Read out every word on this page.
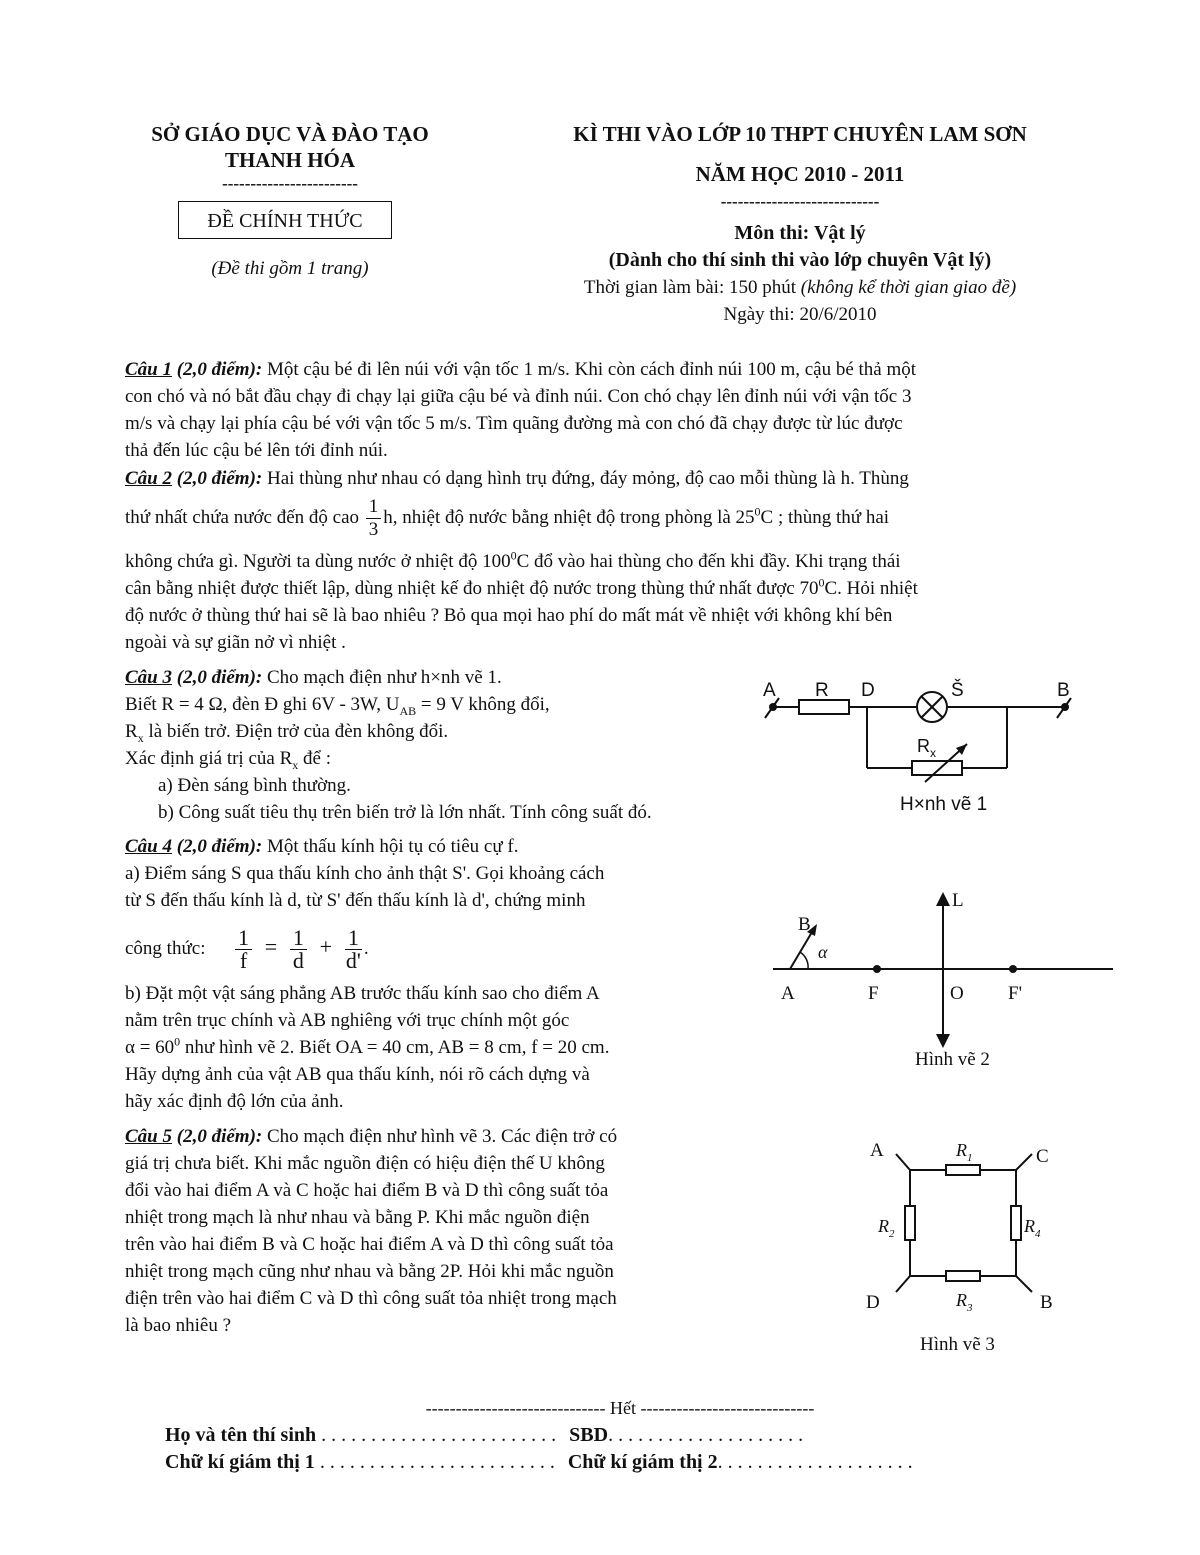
SỞ GIÁO DỤC VÀ ĐÀO TẠO
THANH HÓA
------------------------
ĐỀ CHÍNH THỨC
(Đề thi gồm 1 trang)
KÌ THI VÀO LỚP 10 THPT CHUYÊN LAM SƠN
NĂM HỌC 2010 - 2011
----------------------------
Môn thi: Vật lý
(Dành cho thí sinh thi vào lớp chuyên Vật lý)
Thời gian làm bài: 150 phút (không kể thời gian giao đề)
Ngày thi: 20/6/2010
Câu 1 (2,0 điểm): Một cậu bé đi lên núi với vận tốc 1 m/s. Khi còn cách đỉnh núi 100 m, cậu bé thả một
con chó và nó bắt đầu chạy đi chạy lại giữa cậu bé và đỉnh núi. Con chó chạy lên đỉnh núi với vận tốc 3
m/s và chạy lại phía cậu bé với vận tốc 5 m/s. Tìm quãng đường mà con chó đã chạy được từ lúc được
thả đến lúc cậu bé lên tới đỉnh núi.
Câu 2 (2,0 điểm): Hai thùng như nhau có dạng hình trụ đứng, đáy mỏng, độ cao mỗi thùng là h. Thùng
thứ nhất chứa nước đến độ cao $\frac{1}{3} h$, nhiệt độ nước bằng nhiệt độ trong phòng là $25^0C$ ; thùng thứ hai
không chứa gì. Người ta dùng nước ở nhiệt độ $100^0C$ đổ vào hai thùng cho đến khi đầy. Khi trạng thái
cân bằng nhiệt được thiết lập, dùng nhiệt kế đo nhiệt độ nước trong thùng thứ nhất được $70^0C$. Hỏi nhiệt
độ nước ở thùng thứ hai sẽ là bao nhiêu ? Bỏ qua mọi hao phí do mất mát về nhiệt với không khí bên
ngoài và sự giãn nở vì nhiệt .
Câu 3 (2,0 điểm): Cho mạch điện như h×nh vẽ 1.
Biết R = 4 Ω, đèn Đ ghi 6V - 3W, $U_{AB} = 9$ V không đổi,
$R_x$ là biến trở. Điện trở của đèn không đổi.
Xác định giá trị của $R_x$ để :
a) Đèn sáng bình thường.
b) Công suất tiêu thụ trên biến trở là lớn nhất. Tính công suất đó.
A R D	Š	B
$R_x$
H×nh vẽ 1
Câu 4 (2,0 điểm): Một thấu kính hội tụ có tiêu cự f.
a) Điểm sáng S qua thấu kính cho ảnh thật S'. Gọi khoảng cách
từ S đến thấu kính là d, từ S' đến thấu kính là d', chứng minh
công thức: $\frac{1}{f} = \frac{1}{d} + \frac{1}{d'}$ .
b) Đặt một vật sáng phẳng AB trước thấu kính sao cho điểm A
nằm trên trục chính và AB nghiêng với trục chính một góc
$\alpha = 60^0$ như hình vẽ 2. Biết OA = 40 cm, AB = 8 cm, f = 20 cm.
Hãy dựng ảnh của vật AB qua thấu kính, nói rõ cách dựng và
hãy xác định độ lớn của ảnh.
L
B
α
A	F	O F'
Hình vẽ 2
Câu 5 (2,0 điểm): Cho mạch điện như hình vẽ 3. Các điện trở có
giá trị chưa biết. Khi mắc nguồn điện có hiệu điện thế U không
đổi vào hai điểm A và C hoặc hai điểm B và D thì công suất tỏa
nhiệt trong mạch là như nhau và bằng P. Khi mắc nguồn điện
trên vào hai điểm B và C hoặc hai điểm A và D thì công suất tỏa
nhiệt trong mạch cũng như nhau và bằng 2P. Hỏi khi mắc nguồn
điện trên vào hai điểm C và D thì công suất tỏa nhiệt trong mạch
là bao nhiêu ?
A	C
D	B
$R_1$
$R_2$	$R_4$
$R_3$
Hình vẽ 3
------------------------------ Hết -----------------------------
Họ và tên thí sinh . . . . . . . . . . . . . . . . . . . . . . . . SBD. . . . . . . . . . . . . . . . . . . .
Chữ kí giám thị 1 . . . . . . . . . . . . . . . . . . . . . . . . Chữ kí giám thị 2. . . . . . . . . . . . . . . . . . . .
